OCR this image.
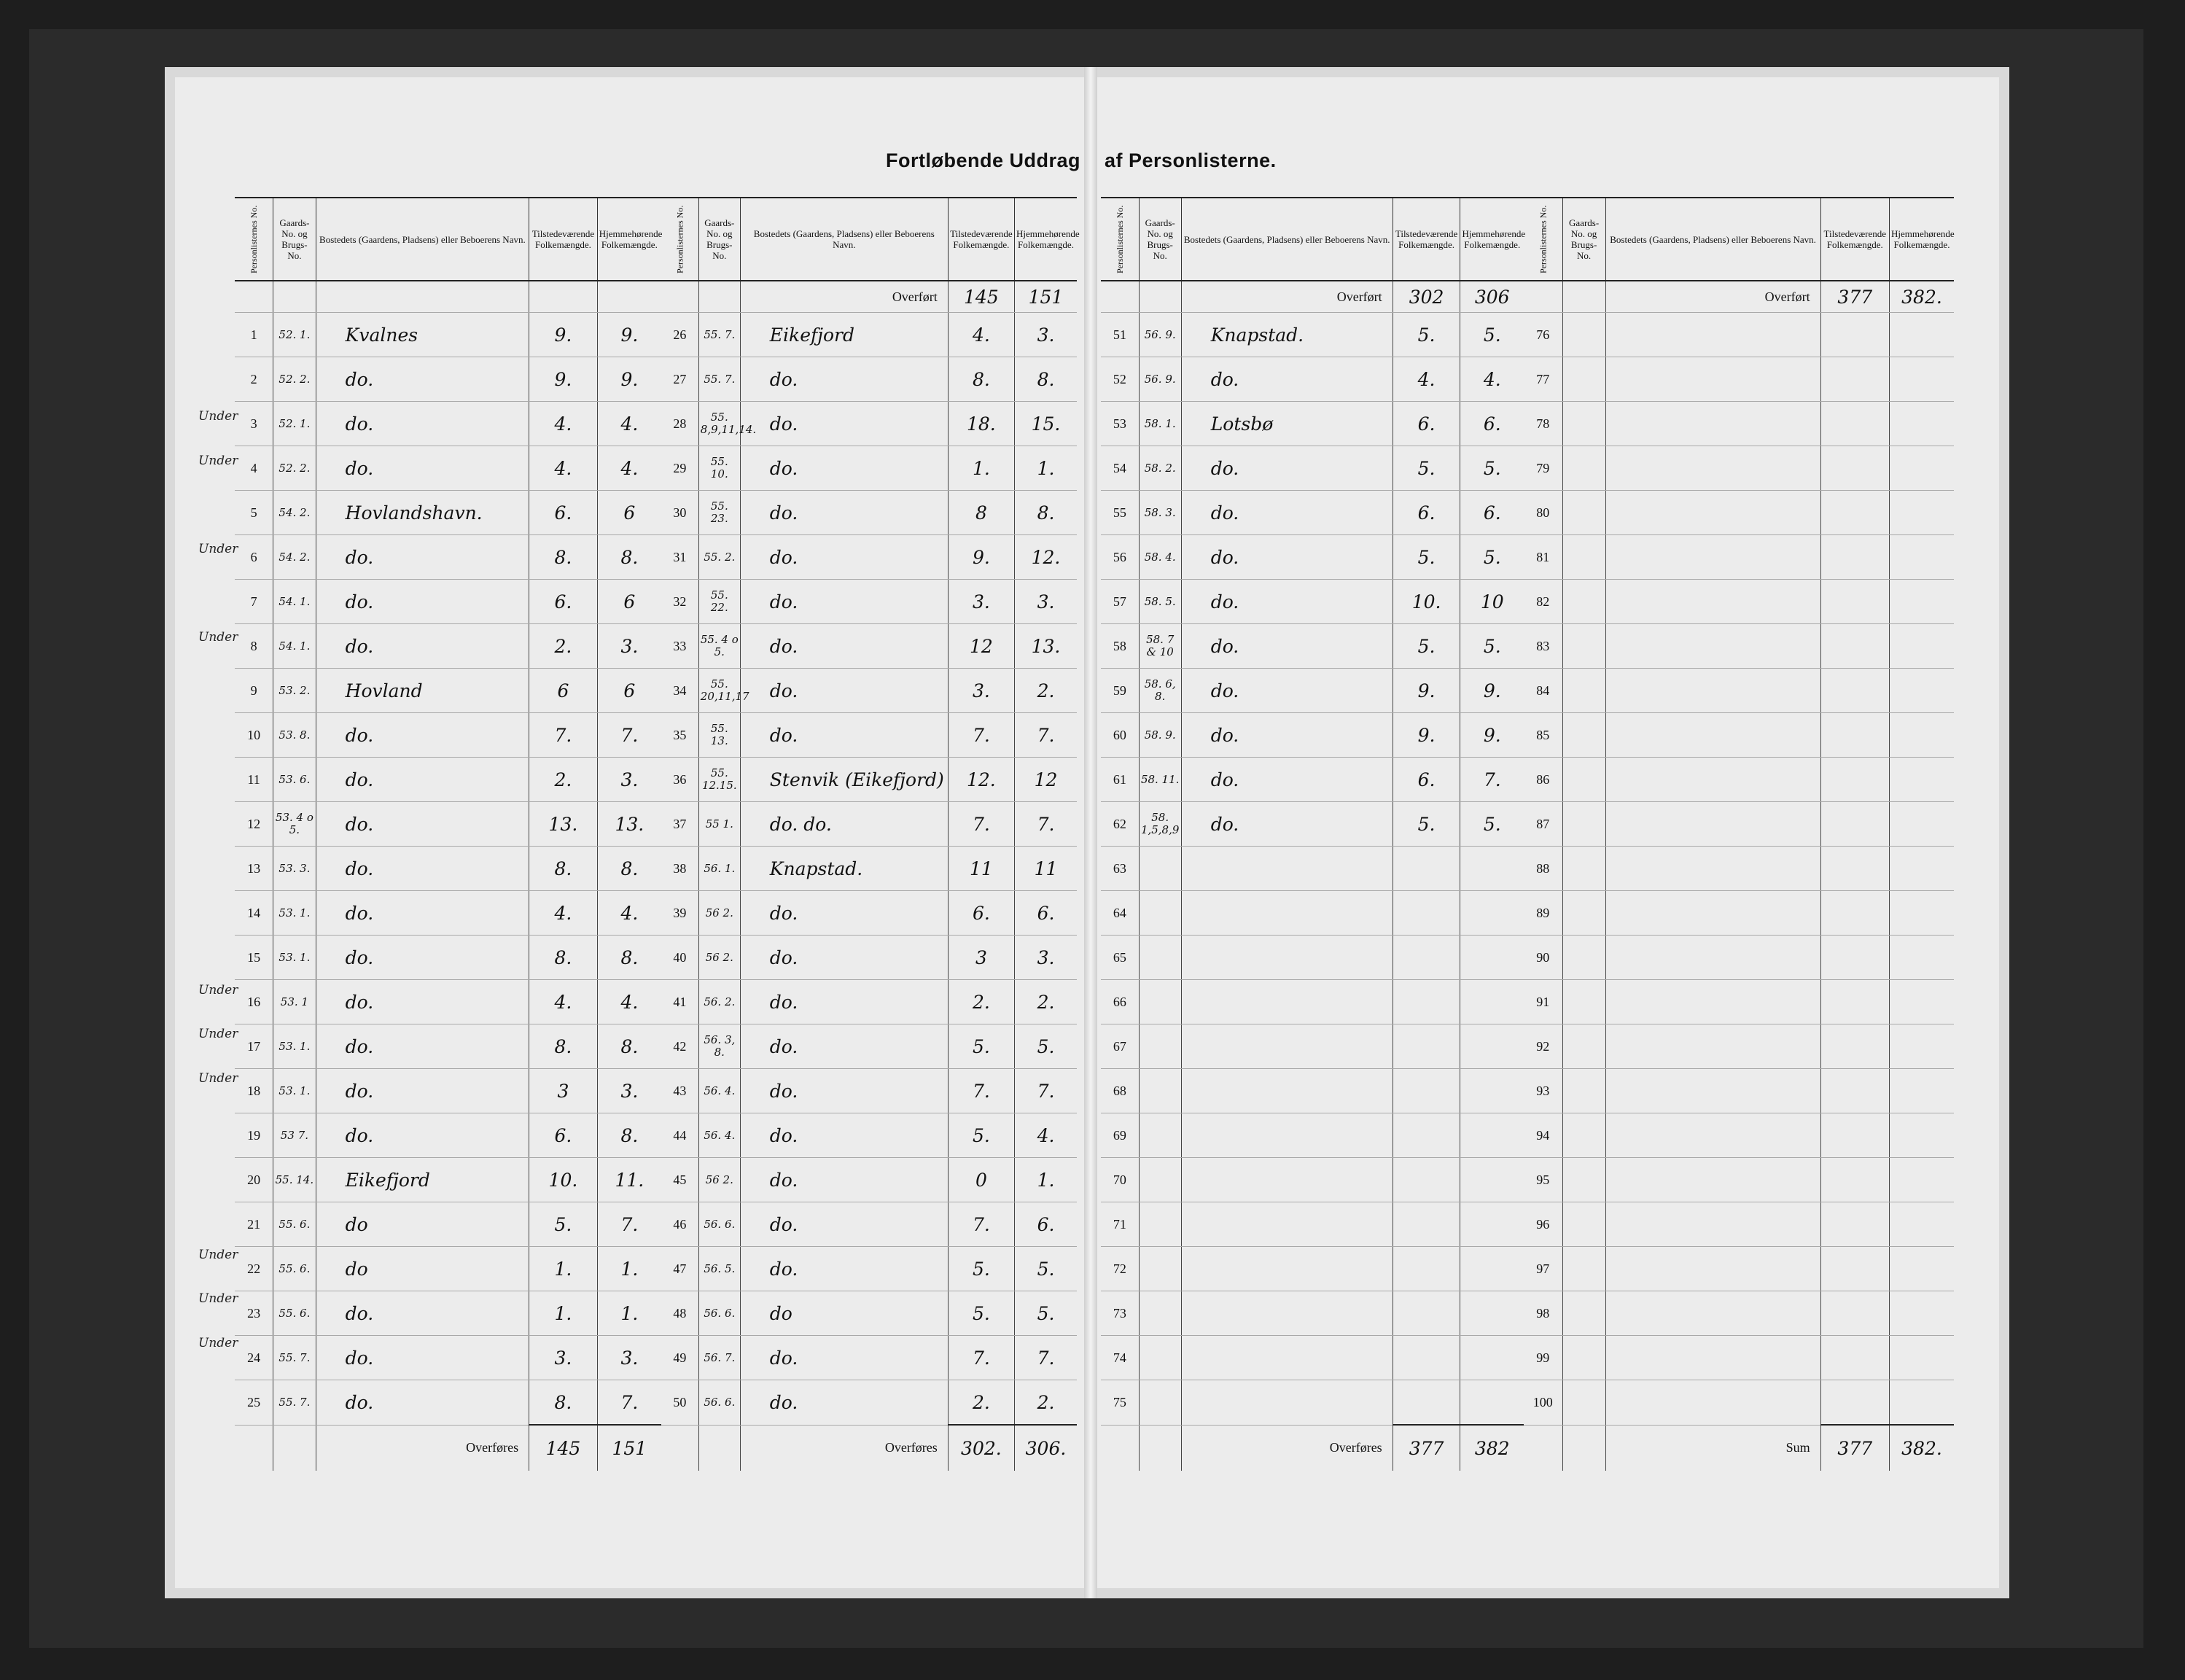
Fortløbende Uddrag af Personlisterne.
Personlisternes No.	Gaards-No. og Brugs-No.	Bostedets (Gaardens, Pladsens) eller Beboerens Navn.	Tilstedeværende Folkemængde.	Hjemmehørende Folkemængde.

1	52. 1.	Kvalnes	9.	9.
2	52. 2.	do.	9.	9.
3	52. 1.	do.	4.	4.
4	52. 2.	do.	4.	4.
5	54. 2.	Hovlandshavn.	6.	6
6	54. 2.	do.	8.	8.
7	54. 1.	do.	6.	6
8	54. 1.	do.	2.	3.
9	53. 2.	Hovland	6	6
10	53. 8.	do.	7.	7.
11	53. 6.	do.	2.	3.
12	53. 4 o 5.	do.	13.	13.
13	53. 3.	do.	8.	8.
14	53. 1.	do.	4.	4.
15	53. 1.	do.	8.	8.
16	53. 1	do.	4.	4.
17	53. 1.	do.	8.	8.
18	53. 1.	do.	3	3.
19	53 7.	do.	6.	8.
20	55. 14.	Eikefjord	10.	11.
21	55. 6.	do	5.	7.
22	55. 6.	do	1.	1.
23	55. 6.	do.	1.	1.
24	55. 7.	do.	3.	3.
25	55. 7.	do.	8.	7.
		Overføres	145	151
Personlisternes No.	Gaards-No. og Brugs-No.	Bostedets (Gaardens, Pladsens) eller Beboerens Navn.	Tilstedeværende Folkemængde.	Hjemmehørende Folkemængde.
		Overført	145	151
26	55. 7.	Eikefjord	4.	3.
27	55. 7.	do.	8.	8.
28	55. 8,9,11,14.	do.	18.	15.
29	55. 10.	do.	1.	1.
30	55. 23.	do.	8	8.
31	55. 2.	do.	9.	12.
32	55. 22.	do.	3.	3.
33	55. 4 o 5.	do.	12	13.
34	55. 20,11,17	do.	3.	2.
35	55. 13.	do.	7.	7.
36	55. 12.15.	Stenvik (Eikefjord)	12.	12
37	55 1.	do. do.	7.	7.
38	56. 1.	Knapstad.	11	11
39	56 2.	do.	6.	6.
40	56 2.	do.	3	3.
41	56. 2.	do.	2.	2.
42	56. 3, 8.	do.	5.	5.
43	56. 4.	do.	7.	7.
44	56. 4.	do.	5.	4.
45	56 2.	do.	0	1.
46	56. 6.	do.	7.	6.
47	56. 5.	do.	5.	5.
48	56. 6.	do	5.	5.
49	56. 7.	do.	7.	7.
50	56. 6.	do.	2.	2.
		Overføres	302.	306.
Personlisternes No.	Gaards-No. og Brugs-No.	Bostedets (Gaardens, Pladsens) eller Beboerens Navn.	Tilstedeværende Folkemængde.	Hjemmehørende Folkemængde.
		Overført	302	306
51	56. 9.	Knapstad.	5.	5.
52	56. 9.	do.	4.	4.
53	58. 1.	Lotsbø	6.	6.
54	58. 2.	do.	5.	5.
55	58. 3.	do.	6.	6.
56	58. 4.	do.	5.	5.
57	58. 5.	do.	10.	10
58	58. 7 & 10	do.	5.	5.
59	58. 6, 8.	do.	9.	9.
60	58. 9.	do.	9.	9.
61	58. 11.	do.	6.	7.
62	58. 1,5,8,9	do.	5.	5.
63				
64				
65				
66				
67				
68				
69				
70				
71				
72				
73				
74				
75				
		Overføres	377	382
Personlisternes No.	Gaards-No. og Brugs-No.	Bostedets (Gaardens, Pladsens) eller Beboerens Navn.	Tilstedeværende Folkemængde.	Hjemmehørende Folkemængde.
		Overført	377	382.
76				
77				
78				
79				
80				
81				
82				
83				
84				
85				
86				
87				
88				
89				
90				
91				
92				
93				
94				
95				
96				
97				
98				
99				
100				
		Sum	377	382.
Under
Under
Under
Under
Under
Under
Under
Under
Under
Under
